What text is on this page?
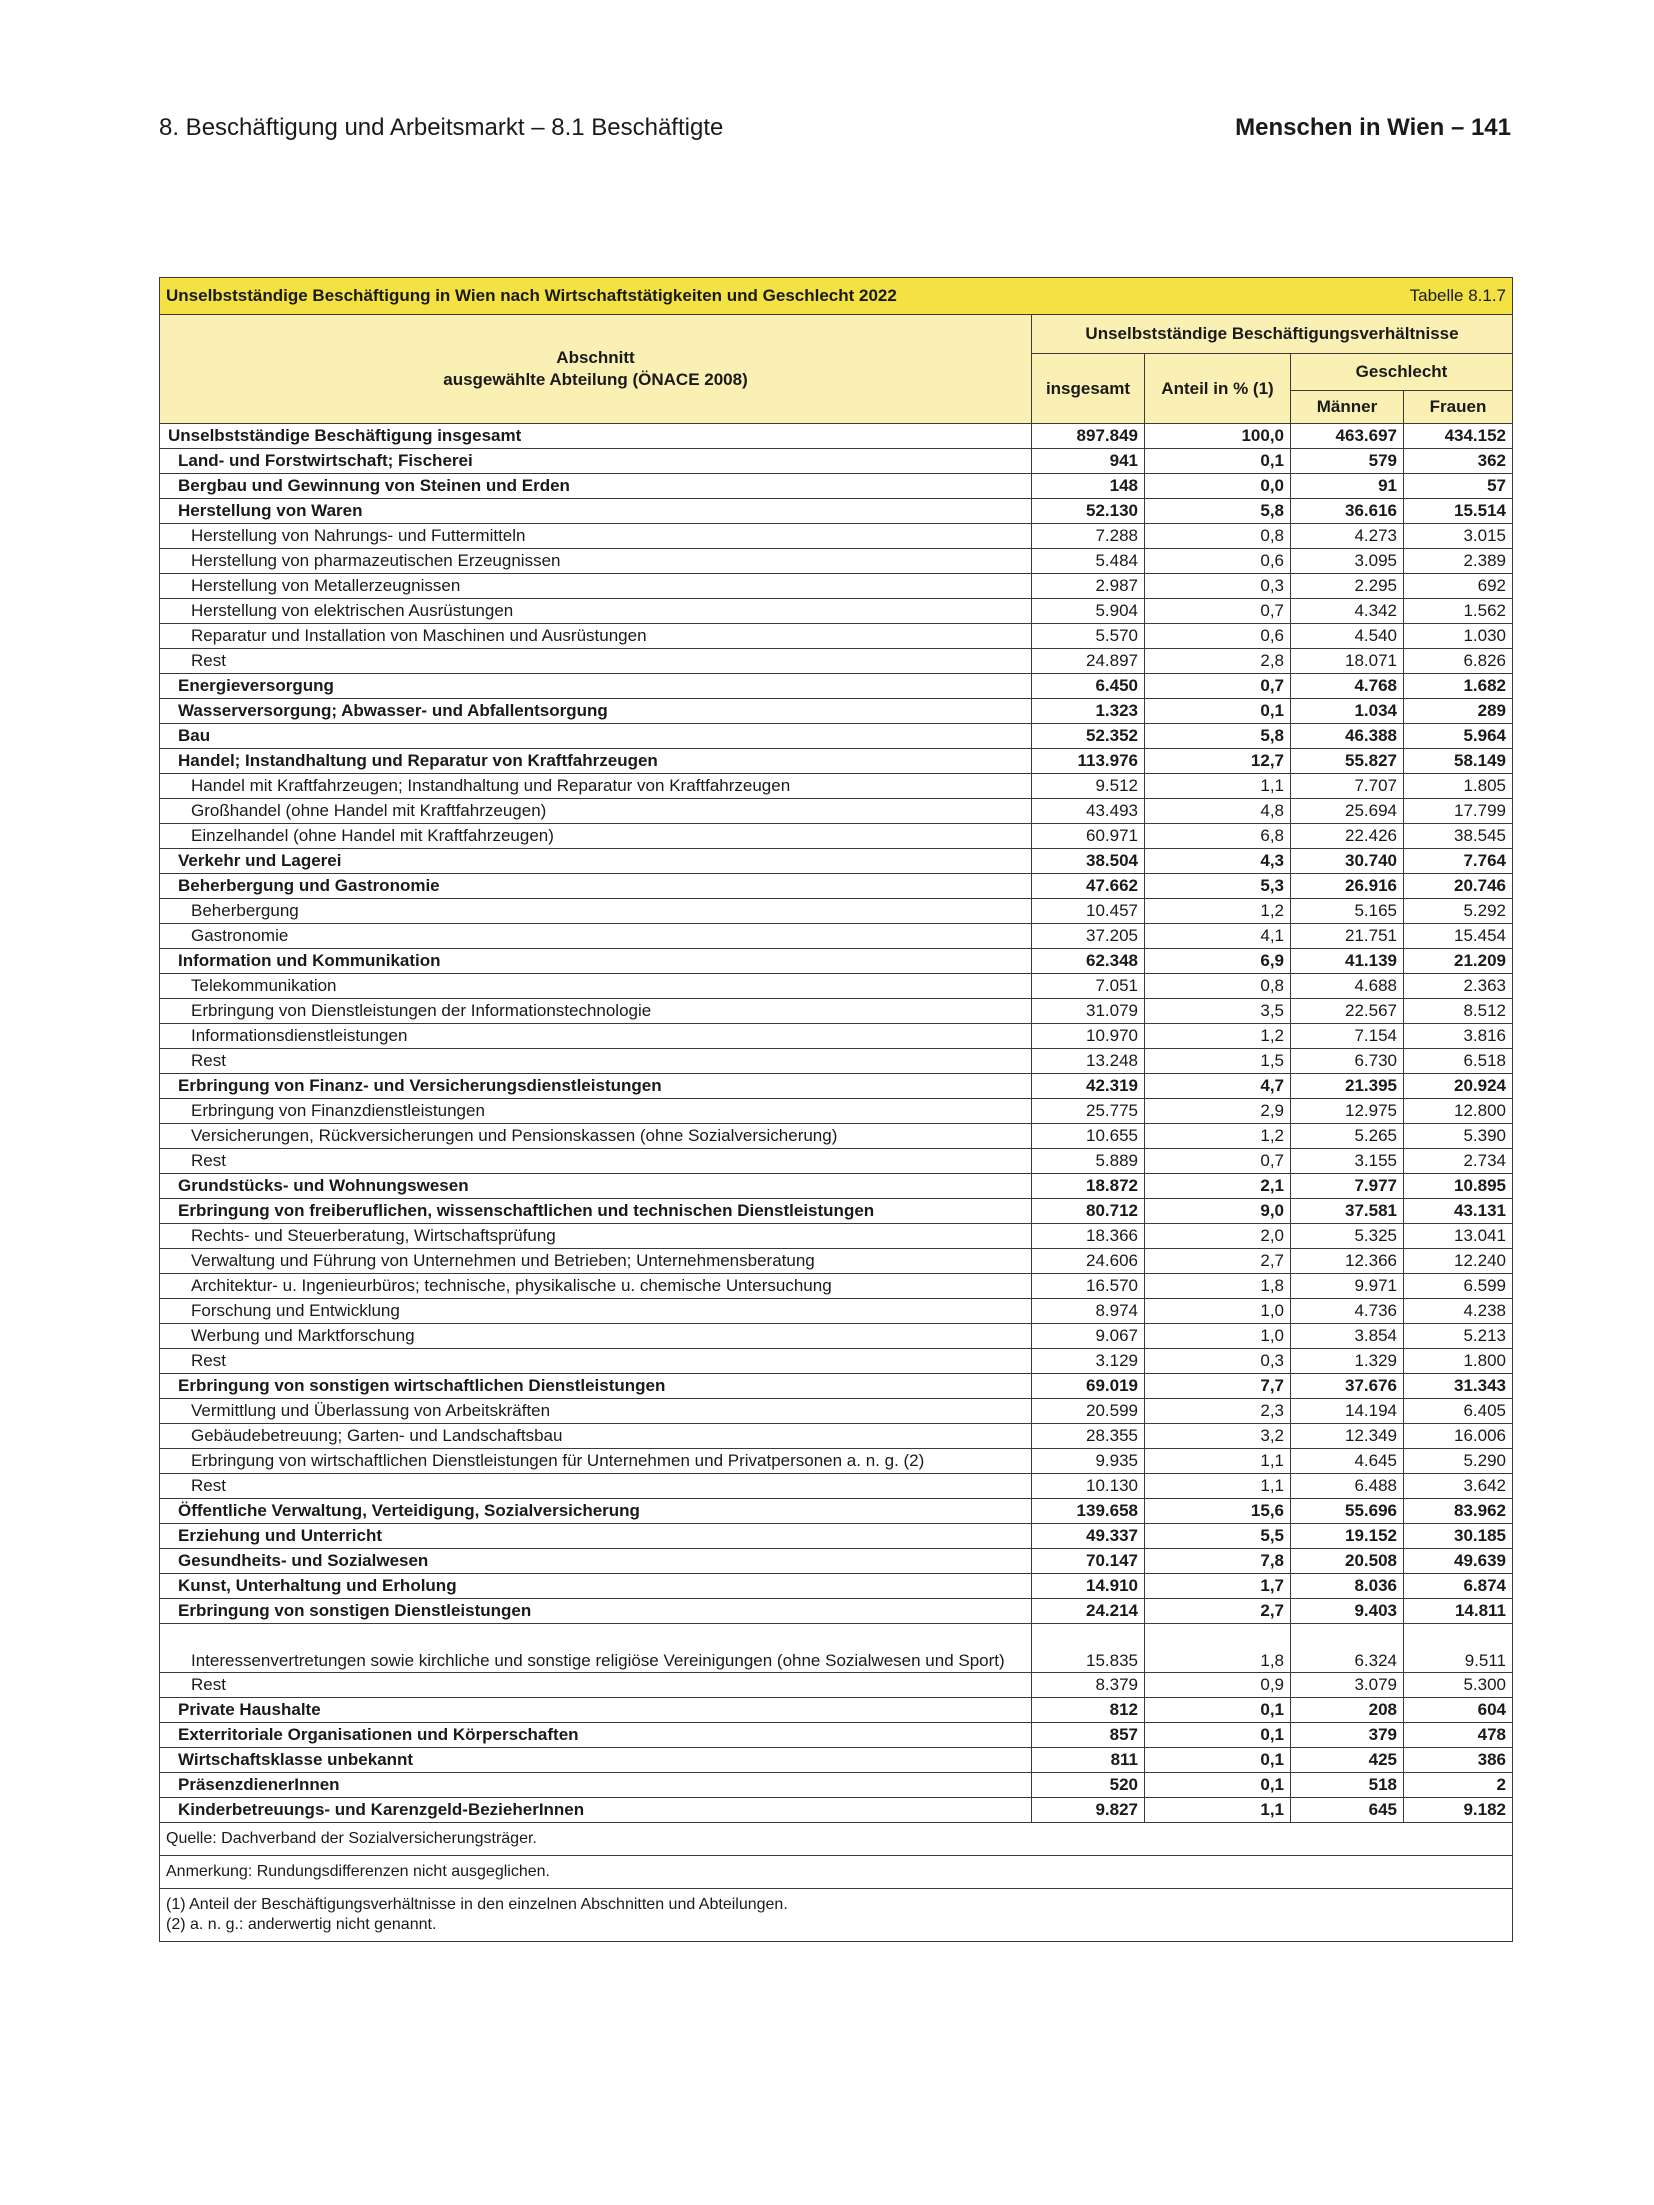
8. Beschäftigung und Arbeitsmarkt – 8.1 Beschäftigte	Menschen in Wien – 141
Unselbstständige Beschäftigung in Wien nach Wirtschaftstätigkeiten und Geschlecht 2022 Tabelle 8.1.7				

Abschnitt
ausgewählte Abteilung (ÖNACE 2008)	Unselbstständige Beschäftigungsverhältnisse			
	insgesamt	Anteil in % (1)	Geschlecht	
			Männer	Frauen
Unselbstständige Beschäftigung insgesamt	897.849	100,0	463.697	434.152
Land- und Forstwirtschaft; Fischerei	941	0,1	579	362
Bergbau und Gewinnung von Steinen und Erden	148	0,0	91	57
Herstellung von Waren	52.130	5,8	36.616	15.514
Herstellung von Nahrungs- und Futtermitteln	7.288	0,8	4.273	3.015
Herstellung von pharmazeutischen Erzeugnissen	5.484	0,6	3.095	2.389
Herstellung von Metallerzeugnissen	2.987	0,3	2.295	692
Herstellung von elektrischen Ausrüstungen	5.904	0,7	4.342	1.562
Reparatur und Installation von Maschinen und Ausrüstungen	5.570	0,6	4.540	1.030
Rest	24.897	2,8	18.071	6.826
Energieversorgung	6.450	0,7	4.768	1.682
Wasserversorgung; Abwasser- und Abfallentsorgung	1.323	0,1	1.034	289
Bau	52.352	5,8	46.388	5.964
Handel; Instandhaltung und Reparatur von Kraftfahrzeugen	113.976	12,7	55.827	58.149
Handel mit Kraftfahrzeugen; Instandhaltung und Reparatur von Kraftfahrzeugen	9.512	1,1	7.707	1.805
Großhandel (ohne Handel mit Kraftfahrzeugen)	43.493	4,8	25.694	17.799
Einzelhandel (ohne Handel mit Kraftfahrzeugen)	60.971	6,8	22.426	38.545
Verkehr und Lagerei	38.504	4,3	30.740	7.764
Beherbergung und Gastronomie	47.662	5,3	26.916	20.746
Beherbergung	10.457	1,2	5.165	5.292
Gastronomie	37.205	4,1	21.751	15.454
Information und Kommunikation	62.348	6,9	41.139	21.209
Telekommunikation	7.051	0,8	4.688	2.363
Erbringung von Dienstleistungen der Informationstechnologie	31.079	3,5	22.567	8.512
Informationsdienstleistungen	10.970	1,2	7.154	3.816
Rest	13.248	1,5	6.730	6.518
Erbringung von Finanz- und Versicherungsdienstleistungen	42.319	4,7	21.395	20.924
Erbringung von Finanzdienstleistungen	25.775	2,9	12.975	12.800
Versicherungen, Rückversicherungen und Pensionskassen (ohne Sozialversicherung)	10.655	1,2	5.265	5.390
Rest	5.889	0,7	3.155	2.734
Grundstücks- und Wohnungswesen	18.872	2,1	7.977	10.895
Erbringung von freiberuflichen, wissenschaftlichen und technischen Dienstleistungen	80.712	9,0	37.581	43.131
Rechts- und Steuerberatung, Wirtschaftsprüfung	18.366	2,0	5.325	13.041
Verwaltung und Führung von Unternehmen und Betrieben; Unternehmensberatung	24.606	2,7	12.366	12.240
Architektur- u. Ingenieurbüros; technische, physikalische u. chemische Untersuchung	16.570	1,8	9.971	6.599
Forschung und Entwicklung	8.974	1,0	4.736	4.238
Werbung und Marktforschung	9.067	1,0	3.854	5.213
Rest	3.129	0,3	1.329	1.800
Erbringung von sonstigen wirtschaftlichen Dienstleistungen	69.019	7,7	37.676	31.343
Vermittlung und Überlassung von Arbeitskräften	20.599	2,3	14.194	6.405
Gebäudebetreuung; Garten- und Landschaftsbau	28.355	3,2	12.349	16.006
Erbringung von wirtschaftlichen Dienstleistungen für Unternehmen und Privatpersonen a. n. g. (2)	9.935	1,1	4.645	5.290
Rest	10.130	1,1	6.488	3.642
Öffentliche Verwaltung, Verteidigung, Sozialversicherung	139.658	15,6	55.696	83.962
Erziehung und Unterricht	49.337	5,5	19.152	30.185
Gesundheits- und Sozialwesen	70.147	7,8	20.508	49.639
Kunst, Unterhaltung und Erholung	14.910	1,7	8.036	6.874
Erbringung von sonstigen Dienstleistungen	24.214	2,7	9.403	14.811
Interessenvertretungen sowie kirchliche und sonstige religiöse Vereinigungen (ohne Sozialwesen und Sport)	15.835	1,8	6.324	9.511
Rest	8.379	0,9	3.079	5.300
Private Haushalte	812	0,1	208	604
Exterritoriale Organisationen und Körperschaften	857	0,1	379	478
Wirtschaftsklasse unbekannt	811	0,1	425	386
PräsenzdienerInnen	520	0,1	518	2
Kinderbetreuungs- und Karenzgeld-BezieherInnen	9.827	1,1	645	9.182
Quelle: Dachverband der Sozialversicherungsträger.				
Anmerkung: Rundungsdifferenzen nicht ausgeglichen.				

(1) Anteil der Beschäftigungsverhältnisse in den einzelnen Abschnitten und Abteilungen.
(2) a. n. g.: anderwertig nicht genannt.				
